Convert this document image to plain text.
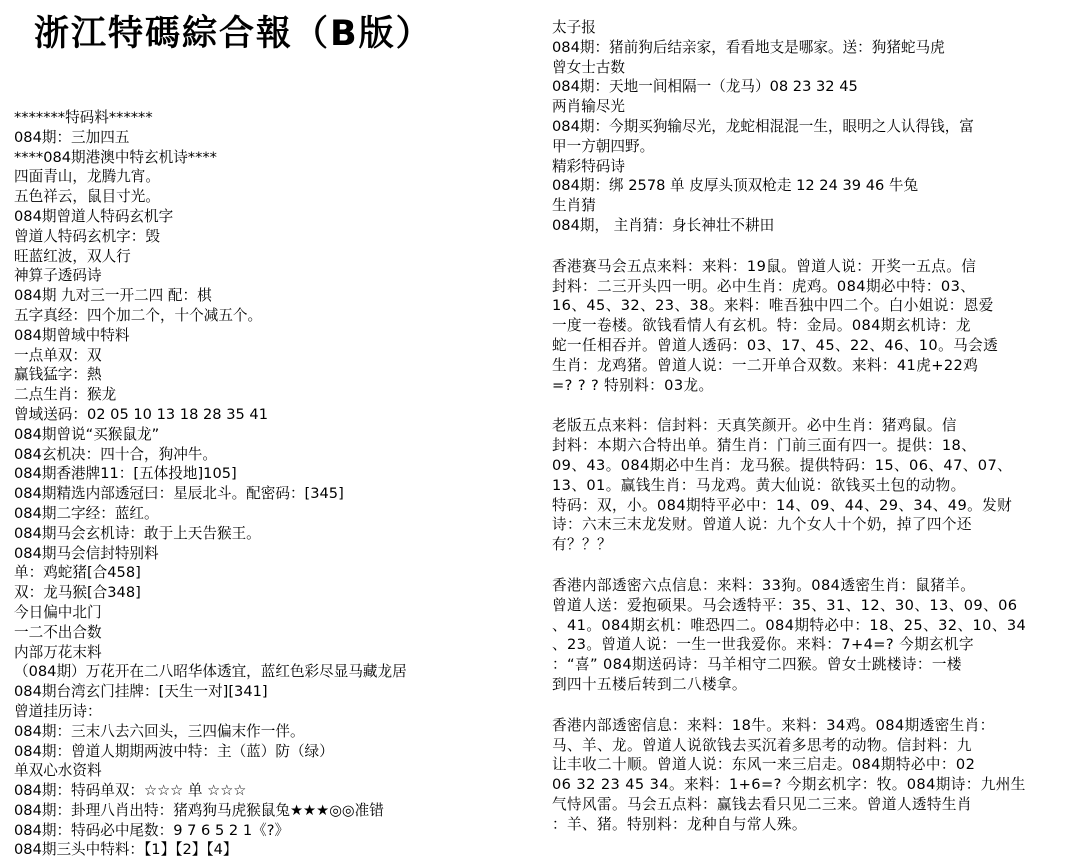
浙江特碼綜合報（B版）
*******特码料******
084期：三加四五
****084期港澳中特玄机诗****
四面青山，龙腾九宵。
五色祥云，鼠目寸光。
084期曾道人特码玄机字
曾道人特码玄机字：毁
旺蓝红波，双人行
神算子透码诗
084期 九对三一开二四 配：棋
五字真经：四个加二个，十个减五个。
084期曾域中特料
一点单双：双
赢钱猛字：熱
二点生肖：猴龙
曾域送码：02 05 10 13 18 28 35 41
084期曾说“买猴鼠龙”
084玄机决：四十合，狗冲牛。
084期香港牌11：[五体投地]105]
084期精选内部透冠曰：星辰北斗。配密码：[345]
084期二字经：蓝红。
084期马会玄机诗：敢于上天告猴王。
084期马会信封特别料
单：鸡蛇猪[合458]
双：龙马猴[合348]
今日偏中北门
一二不出合数
内部万花末料
（084期）万花开在二八昭华体透宜，蓝红色彩尽显马藏龙居
084期台湾玄门挂牌：[天生一对][341]
曾道挂历诗：
084期：三末八去六回头，三四偏末作一伴。
084期：曾道人期期两波中特：主（蓝）防（绿）
单双心水资料
084期：特码单双：☆☆☆ 单 ☆☆☆
084期：卦理八肖出特：猪鸡狗马虎猴鼠兔★★★◎◎准错
084期：特码必中尾数：9 7 6 5 2 1《?》
084期三头中特料：【1】【2】【4】
太子报
084期：猪前狗后结亲家，看看地支是哪家。送：狗猪蛇马虎
曾女士古数
084期：天地一间相隔一（龙马）08 23 32 45
两肖输尽光
084期：今期买狗输尽光，龙蛇相混混一生，眼明之人认得钱，富
甲一方朝四野。
精彩特码诗
084期：绑 2578 单 皮厚头顶双枪走 12 24 39 46 牛兔
生肖猜
084期， 主肖猜：身长神壮不耕田
香港赛马会五点来料：来料：19鼠。曾道人说：开奖一五点。信
封料：二三开头四一明。必中生肖：虎鸡。084期必中特：03、
16、45、32、23、38。来料：唯吾独中四二个。白小姐说：恩爱
一度一卷楼。欲钱看情人有玄机。特：金局。084期玄机诗：龙
蛇一任相吞并。曾道人透码：03、17、45、22、46、10。马会透
生肖：龙鸡猪。曾道人说：一二开单合双数。来料：41虎+22鸡
=? ? ? 特别料：03龙。
老版五点来料：信封料：天真笑颜开。必中生肖：猪鸡鼠。信
封料：本期六合特出单。猜生肖：门前三面有四一。提供：18、
09、43。084期必中生肖：龙马猴。提供特码：15、06、47、07、
13、01。赢钱生肖：马龙鸡。黄大仙说：欲钱买土包的动物。
特码：双，小。084期特平必中：14、09、44、29、34、49。发财
诗：六末三末龙发财。曾道人说：九个女人十个奶，掉了四个还
有？？？
香港内部透密六点信息：来料：33狗。084透密生肖：鼠猪羊。
曾道人送：爱抱硕果。马会透特平：35、31、12、30、13、09、06
、41。084期玄机：唯恐四二。084期特必中：18、25、32、10、34
、23。曾道人说：一生一世我爱你。来料：7+4=? 今期玄机字
：“喜” 084期送码诗：马羊相守二四猴。曾女士跳楼诗：一楼
到四十五楼后转到二八楼拿。
香港内部透密信息：来料：18牛。来料：34鸡。084期透密生肖：
马、羊、龙。曾道人说欲钱去买沉着多思考的动物。信封料：九
让丰收二十顺。曾道人说：东风一来三启走。084期特必中：02
06 32 23 45 34。来料：1+6=? 今期玄机字：牧。084期诗：九州生
气恃风雷。马会五点料：赢钱去看只见二三来。曾道人透特生肖
：羊、猪。特别料：龙种自与常人殊。
